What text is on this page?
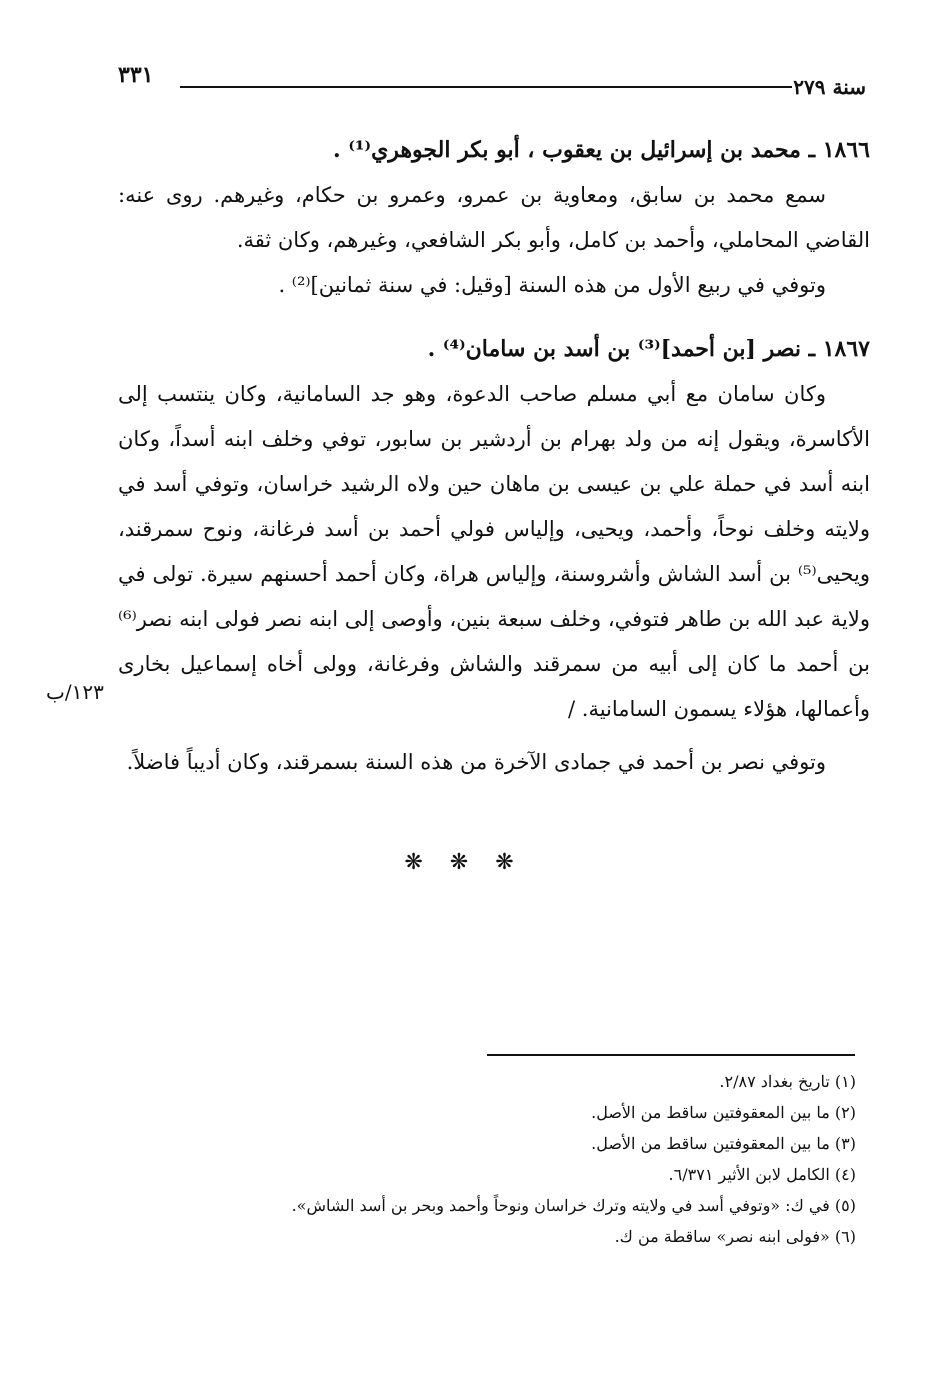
٣٣١	سنة ٢٧٩

١٨٦٦ ـ محمد بن إسرائيل بن يعقوب ، أبو بكر الجوهري⁽¹⁾ .

سمع محمد بن سابق، ومعاوية بن عمرو، وعمرو بن حكام، وغيرهم. روى عنه: القاضي المحاملي، وأحمد بن كامل، وأبو بكر الشافعي، وغيرهم، وكان ثقة.

وتوفي في ربيع الأول من هذه السنة [وقيل: في سنة ثمانين]⁽²⁾ .

١٨٦٧ ـ نصر [بن أحمد]⁽³⁾ بن أسد بن سامان⁽⁴⁾ .

وكان سامان مع أبي مسلم صاحب الدعوة، وهو جد السامانية، وكان ينتسب إلى الأكاسرة، ويقول إنه من ولد بهرام بن أردشير بن سابور، توفي وخلف ابنه أسداً، وكان ابنه أسد في حملة علي بن عيسى بن ماهان حين ولاه الرشيد خراسان، وتوفي أسد في ولايته وخلف نوحاً، وأحمد، ويحيى، وإلياس فولي أحمد بن أسد فرغانة، ونوح سمرقند، ويحيى⁽⁵⁾ بن أسد الشاش وأشروسنة، وإلياس هراة، وكان أحمد أحسنهم سيرة. تولى في ولاية عبد الله بن طاهر فتوفي، وخلف سبعة بنين، وأوصى إلى ابنه نصر فولى ابنه نصر⁽⁶⁾ بن أحمد ما كان إلى أبيه من سمرقند والشاش وفرغانة، وولى أخاه إسماعيل بخارى وأعمالها، هؤلاء يسمون السامانية. /

وتوفي نصر بن أحمد في جمادى الآخرة من هذه السنة بسمرقند، وكان أديباً فاضلاً.

١٢٣/ب
❋ ❋ ❋

(١) تاريخ بغداد ٢/٨٧.

(٢) ما بين المعقوفتين ساقط من الأصل.

(٣) ما بين المعقوفتين ساقط من الأصل.

(٤) الكامل لابن الأثير ٦/٣٧١.

(٥) في ك: «وتوفي أسد في ولايته وترك خراسان ونوحاً وأحمد وبحر بن أسد الشاش».

(٦) «فولى ابنه نصر» ساقطة من ك.
